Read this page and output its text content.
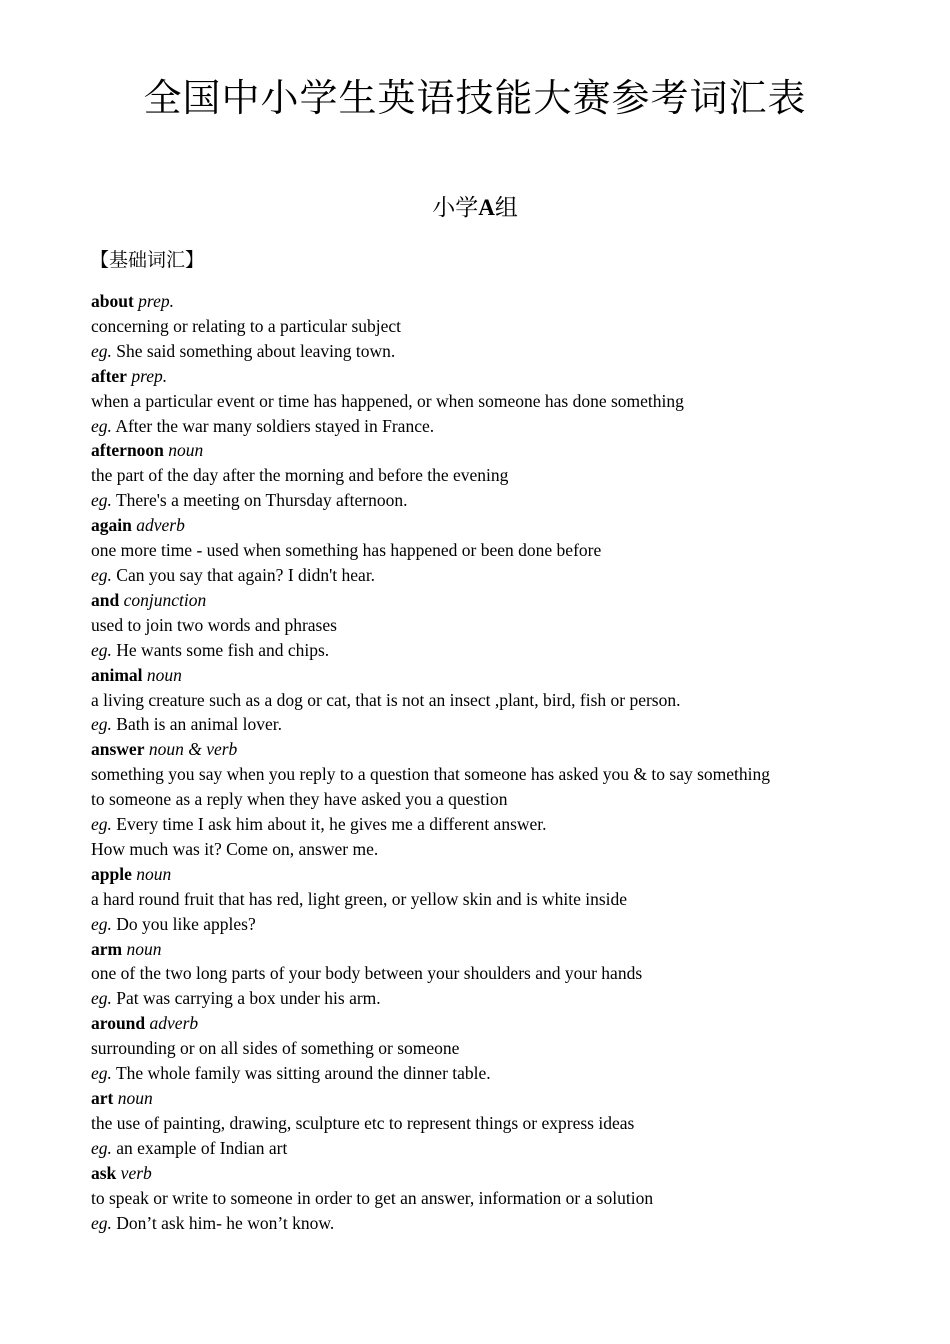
全国中小学生英语技能大赛参考词汇表
小学A组
【基础词汇】
about prep.
concerning or relating to a particular subject
eg. She said something about leaving town.
after prep.
when a particular event or time has happened, or when someone has done something
eg. After the war many soldiers stayed in France.
afternoon noun
the part of the day after the morning and before the evening
eg. There's a meeting on Thursday afternoon.
again adverb
one more time - used when something has happened or been done before
eg. Can you say that again? I didn't hear.
and conjunction
used to join two words and phrases
eg. He wants some fish and chips.
animal noun
a living creature such as a dog or cat, that is not an insect ,plant, bird, fish or person.
eg. Bath is an animal lover.
answer noun & verb
something you say when you reply to a question that someone has asked you & to say something
to someone as a reply when they have asked you a question
eg. Every time I ask him about it, he gives me a different answer.
How much was it? Come on, answer me.
apple noun
a hard round fruit that has red, light green, or yellow skin and is white inside
eg. Do you like apples?
arm noun
one of the two long parts of your body between your shoulders and your hands
eg. Pat was carrying a box under his arm.
around adverb
surrounding or on all sides of something or someone
eg. The whole family was sitting around the dinner table.
art noun
the use of painting, drawing, sculpture etc to represent things or express ideas
eg. an example of Indian art
ask verb
to speak or write to someone in order to get an answer, information or a solution
eg. Don’t ask him- he won’t know.
